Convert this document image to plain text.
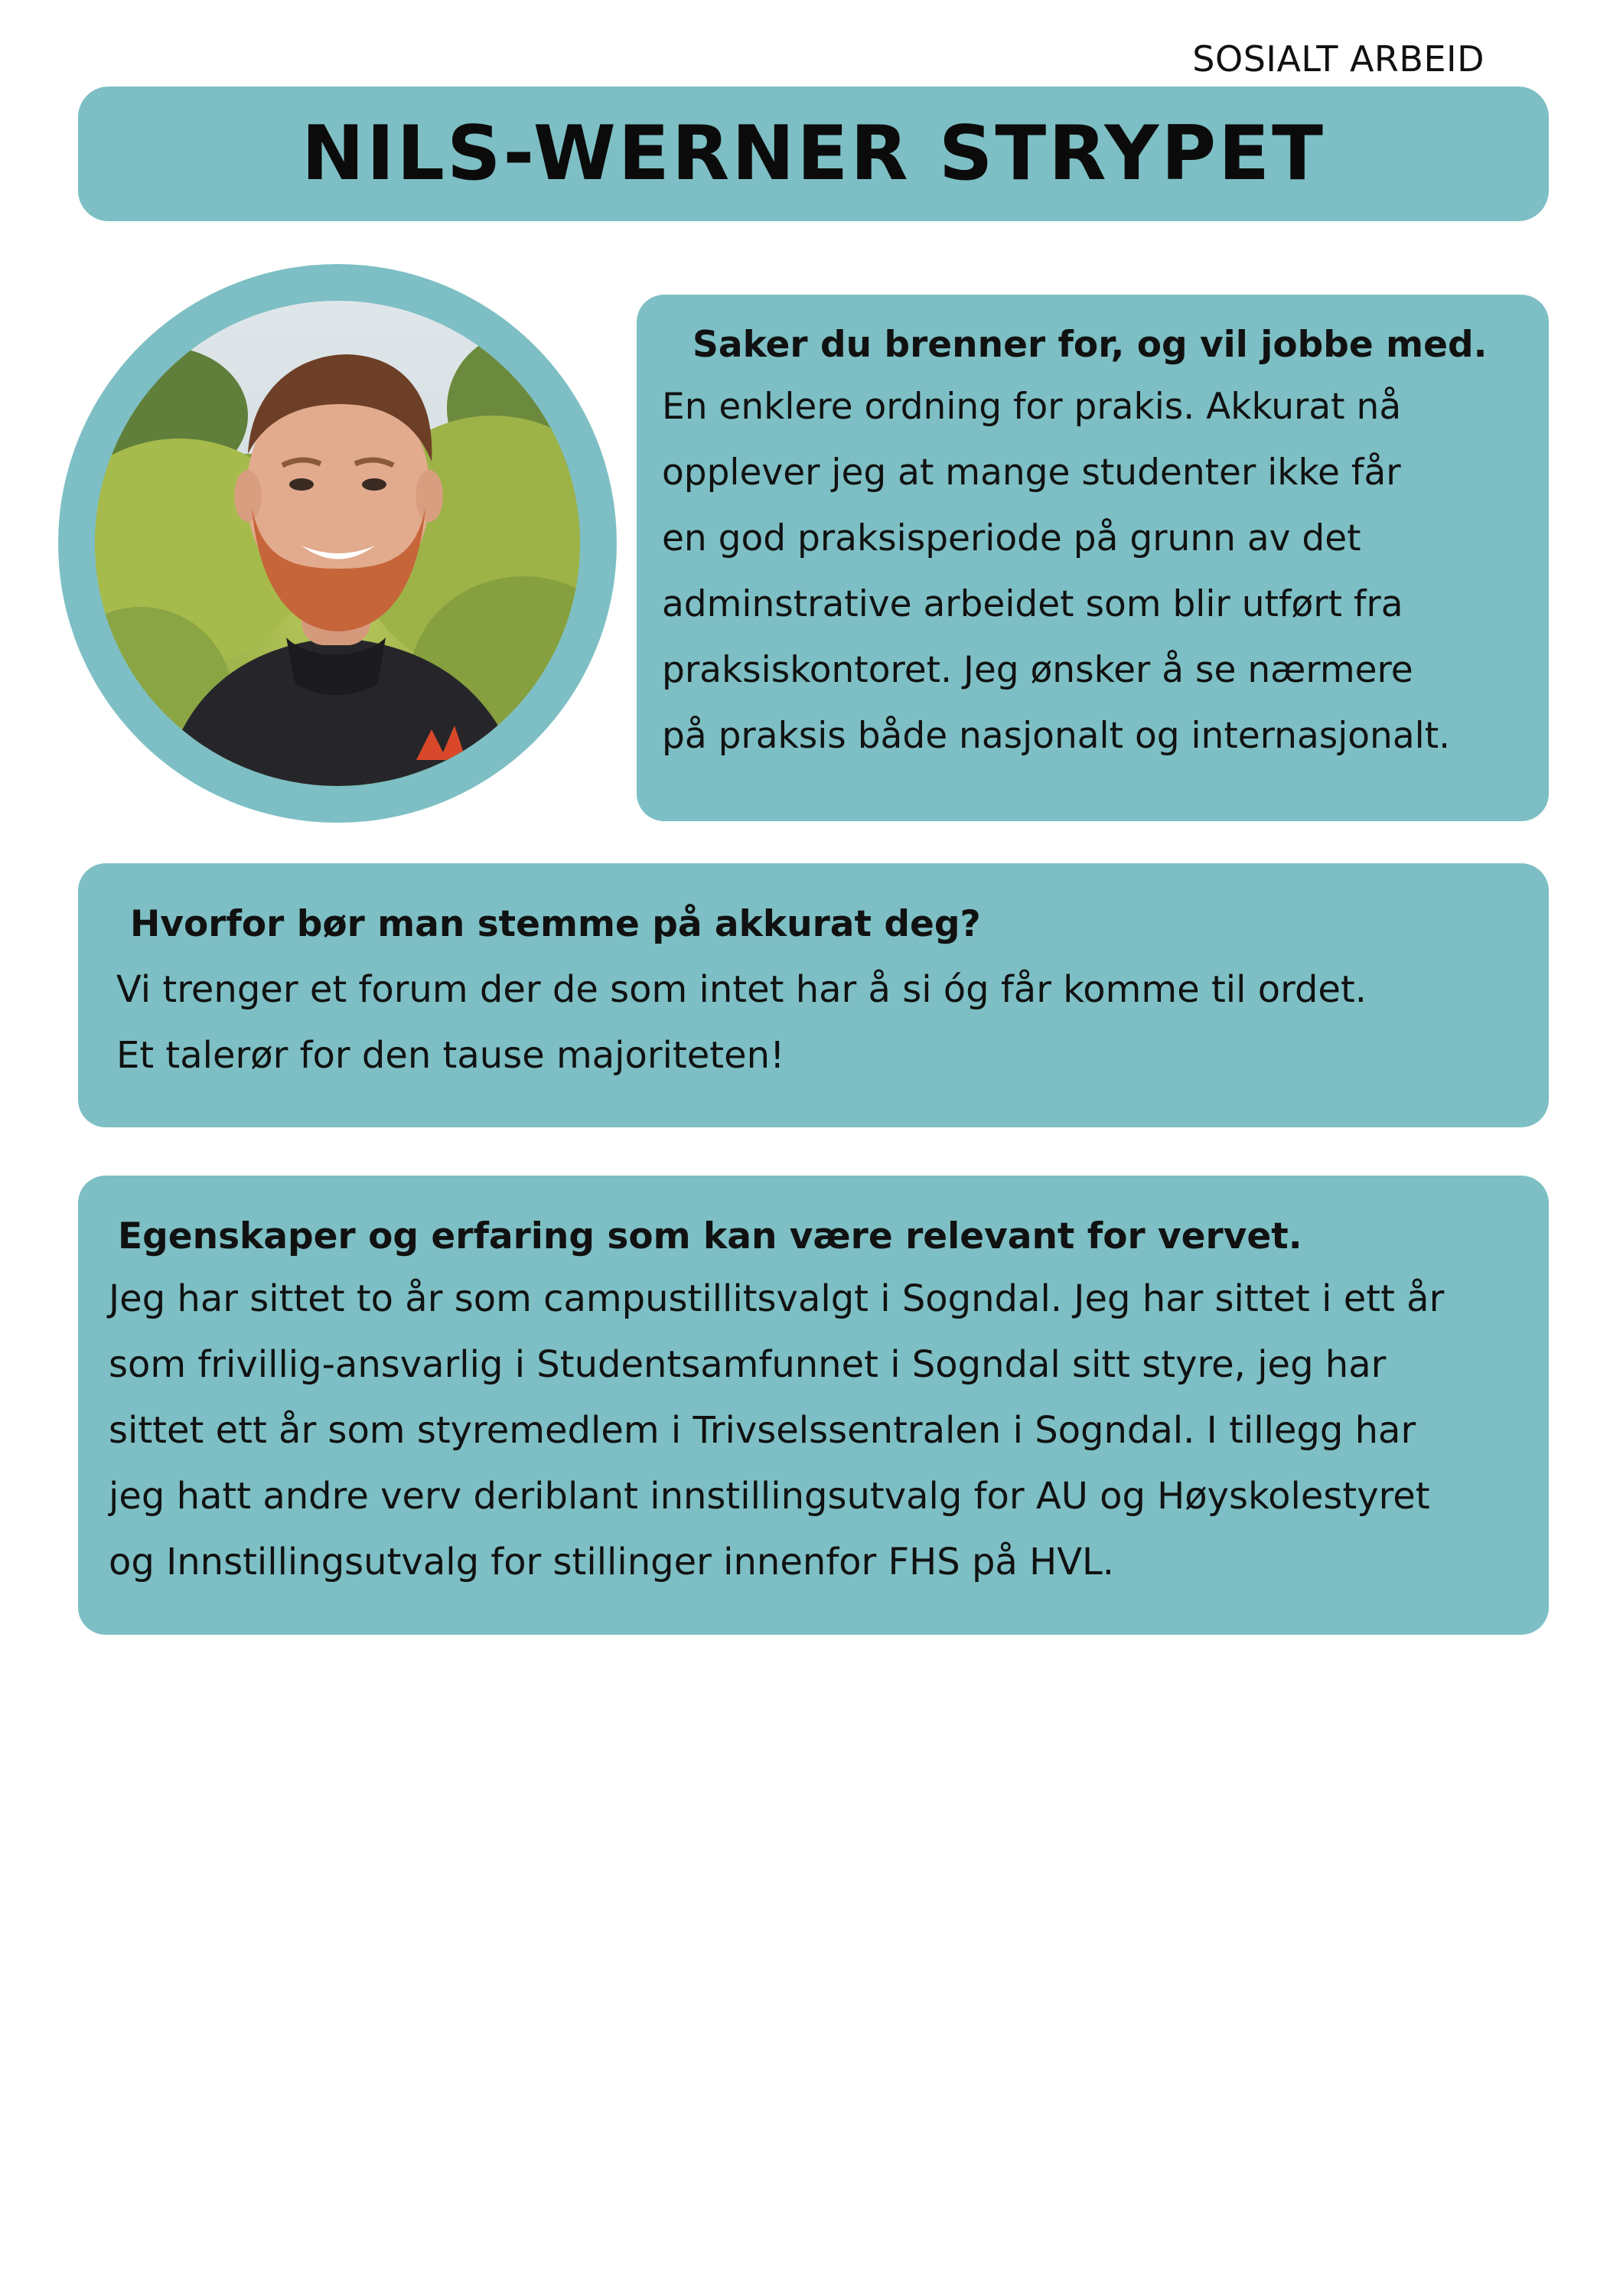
SOSIALT ARBEID
NILS-WERNER STRYPET
Saker du brenner for, og vil jobbe med.

En enklere ordning for prakis. Akkurat nå
opplever jeg at mange studenter ikke får
en god praksisperiode på grunn av det
adminstrative arbeidet som blir utført fra
praksiskontoret. Jeg ønsker å se nærmere
på praksis både nasjonalt og internasjonalt.

Hvorfor bør man stemme på akkurat deg?

Vi trenger et forum der de som intet har å si óg får komme til ordet.
Et talerør for den tause majoriteten!

Egenskaper og erfaring som kan være relevant for vervet.

Jeg har sittet to år som campustillitsvalgt i Sogndal. Jeg har sittet i ett år
som frivillig-ansvarlig i Studentsamfunnet i Sogndal sitt styre, jeg har
sittet ett år som styremedlem i Trivselssentralen i Sogndal. I tillegg har
jeg hatt andre verv deriblant innstillingsutvalg for AU og Høyskolestyret
og Innstillingsutvalg for stillinger innenfor FHS på HVL.
